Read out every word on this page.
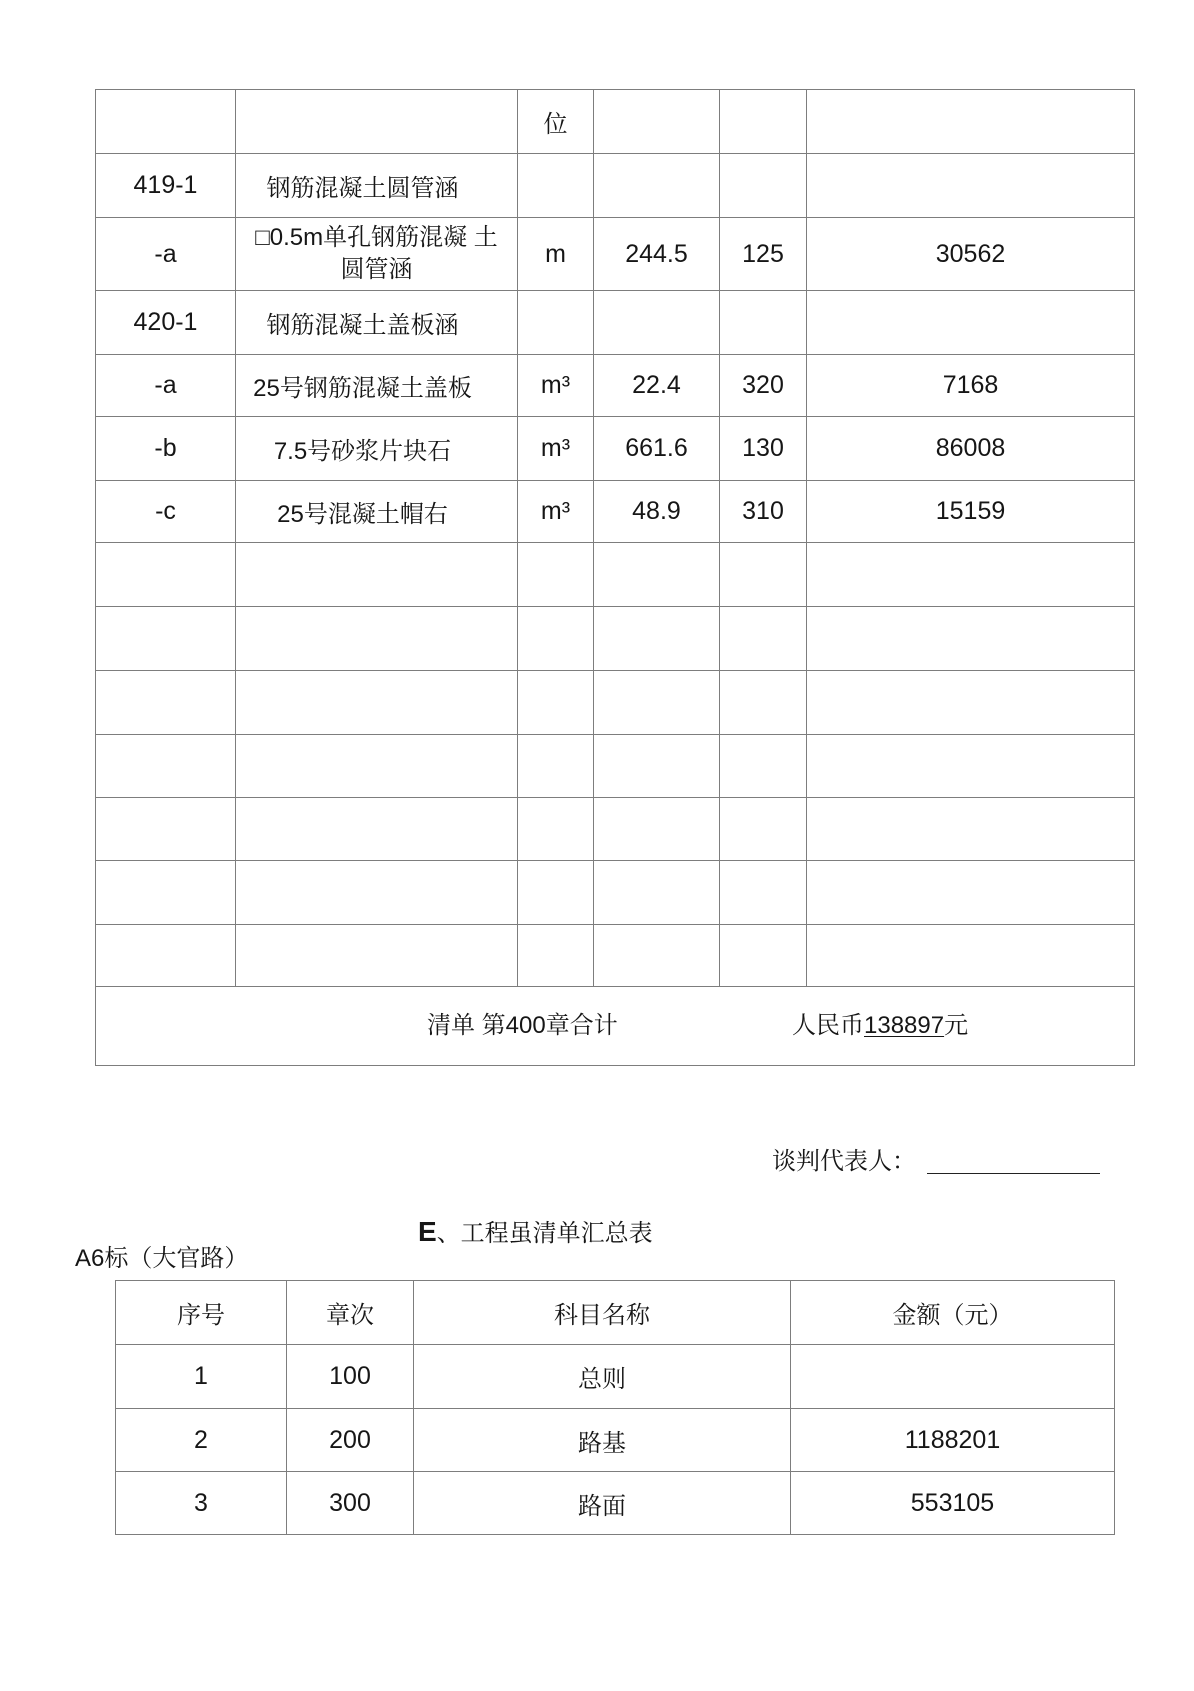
		位			
419-1	钢筋混凝土圆管涵				
-a	□0.5m单孔钢筋混凝 土
圆管涵	m	244.5	125	30562
420-1	钢筋混凝土盖板涵				
-a	25号钢筋混凝土盖板	m³	22.4	320	7168
-b	7.5号砂浆片块石	m³	661.6	130	86008
-c	25号混凝土帽右	m³	48.9	310	15159

清单 第400章合计 人民币138897元					
谈判代表人：
E、工程虽清单汇总表
A6标（大官路）
序号	章次	科目名称	金额（元）
1	100	总则	
2	200	路基	1188201
3	300	路面	553105
